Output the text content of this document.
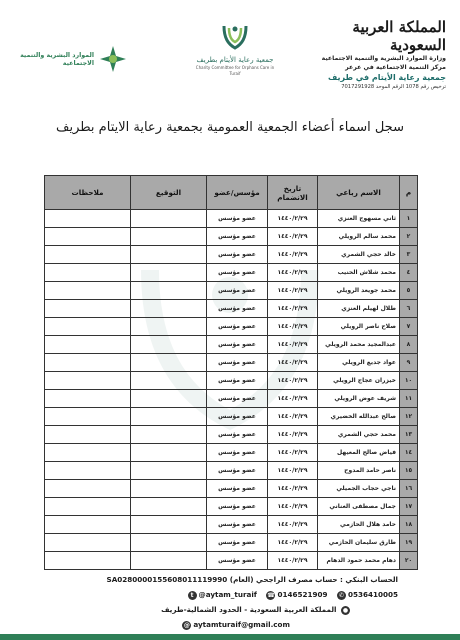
المملكة العربية السعودية
وزارة الموارد البشرية والتنمية الاجتماعية
مركز التنمية الاجتماعية في عرعر
جمعية رعاية الأيتام في طريف
ترخيص رقم 1078 الرقم الموحد 7017291928
جمعية رعاية الأيتام بطريف
Charity Committee for Orphans Care in Turaif
الموارد البشرية والتنمية الاجتماعية
سجل اسماء أعضاء الجمعية العمومية بجمعية رعاية الايتام بطريف
م	الاسم رباعي	تاريخ الانضمام	مؤسس/عضو	التوقيع	ملاحظات
١	ثاني مسهوج العنزي	١٤٤٠/٢/٢٩	عضو مؤسس		
٢	محمد سالم الرويلي	١٤٤٠/٢/٢٩	عضو مؤسس		
٣	خالد حجي الشمري	١٤٤٠/٢/٢٩	عضو مؤسس		
٤	محمد شلاش الحنيب	١٤٤٠/٢/٢٩	عضو مؤسس		
٥	محمد جويعد الرويلي	١٤٤٠/٢/٢٩	عضو مؤسس		
٦	طلال لهيلم العنزي	١٤٤٠/٢/٢٩	عضو مؤسس		
٧	صلاح ناصر الرويلي	١٤٤٠/٢/٢٩	عضو مؤسس		
٨	عبدالمجيد محمد الرويلي	١٤٤٠/٢/٢٩	عضو مؤسس		
٩	عواد جديع الرويلي	١٤٤٠/٢/٢٩	عضو مؤسس		
١٠	خيزران عجاج الرويلي	١٤٤٠/٢/٢٩	عضو مؤسس		
١١	شريف عوض الرويلي	١٤٤٠/٢/٢٩	عضو مؤسس		
١٢	صالح عبدالله الخضيري	١٤٤٠/٢/٢٩	عضو مؤسس		
١٣	محمد حجي الشمري	١٤٤٠/٢/٢٩	عضو مؤسس		
١٤	فياض صالح المعيهل	١٤٤٠/٢/٢٩	عضو مؤسس		
١٥	ناصر حامد المدوح	١٤٤٠/٢/٢٩	عضو مؤسس		
١٦	ناجي حجاب الجميلي	١٤٤٠/٢/٢٩	عضو مؤسس		
١٧	جمال مصطفى الغناني	١٤٤٠/٢/٢٩	عضو مؤسس		
١٨	حامد هلال الحازمي	١٤٤٠/٢/٢٩	عضو مؤسس		
١٩	طارق سليمان الحازمي	١٤٤٠/٢/٢٩	عضو مؤسس		
٢٠	دهام محمد حمود الدهام	١٤٤٠/٢/٢٩	عضو مؤسس		
الحساب البنكي : حساب مصرف الراجحي (العام) SA0280000155608011119990
t @aytam_turaif ☎ 0146521909 ✆ 0536410005
● المملكة العربية السعودية - الحدود الشمالية-طريف
@ aytamturaif@gmail.com
